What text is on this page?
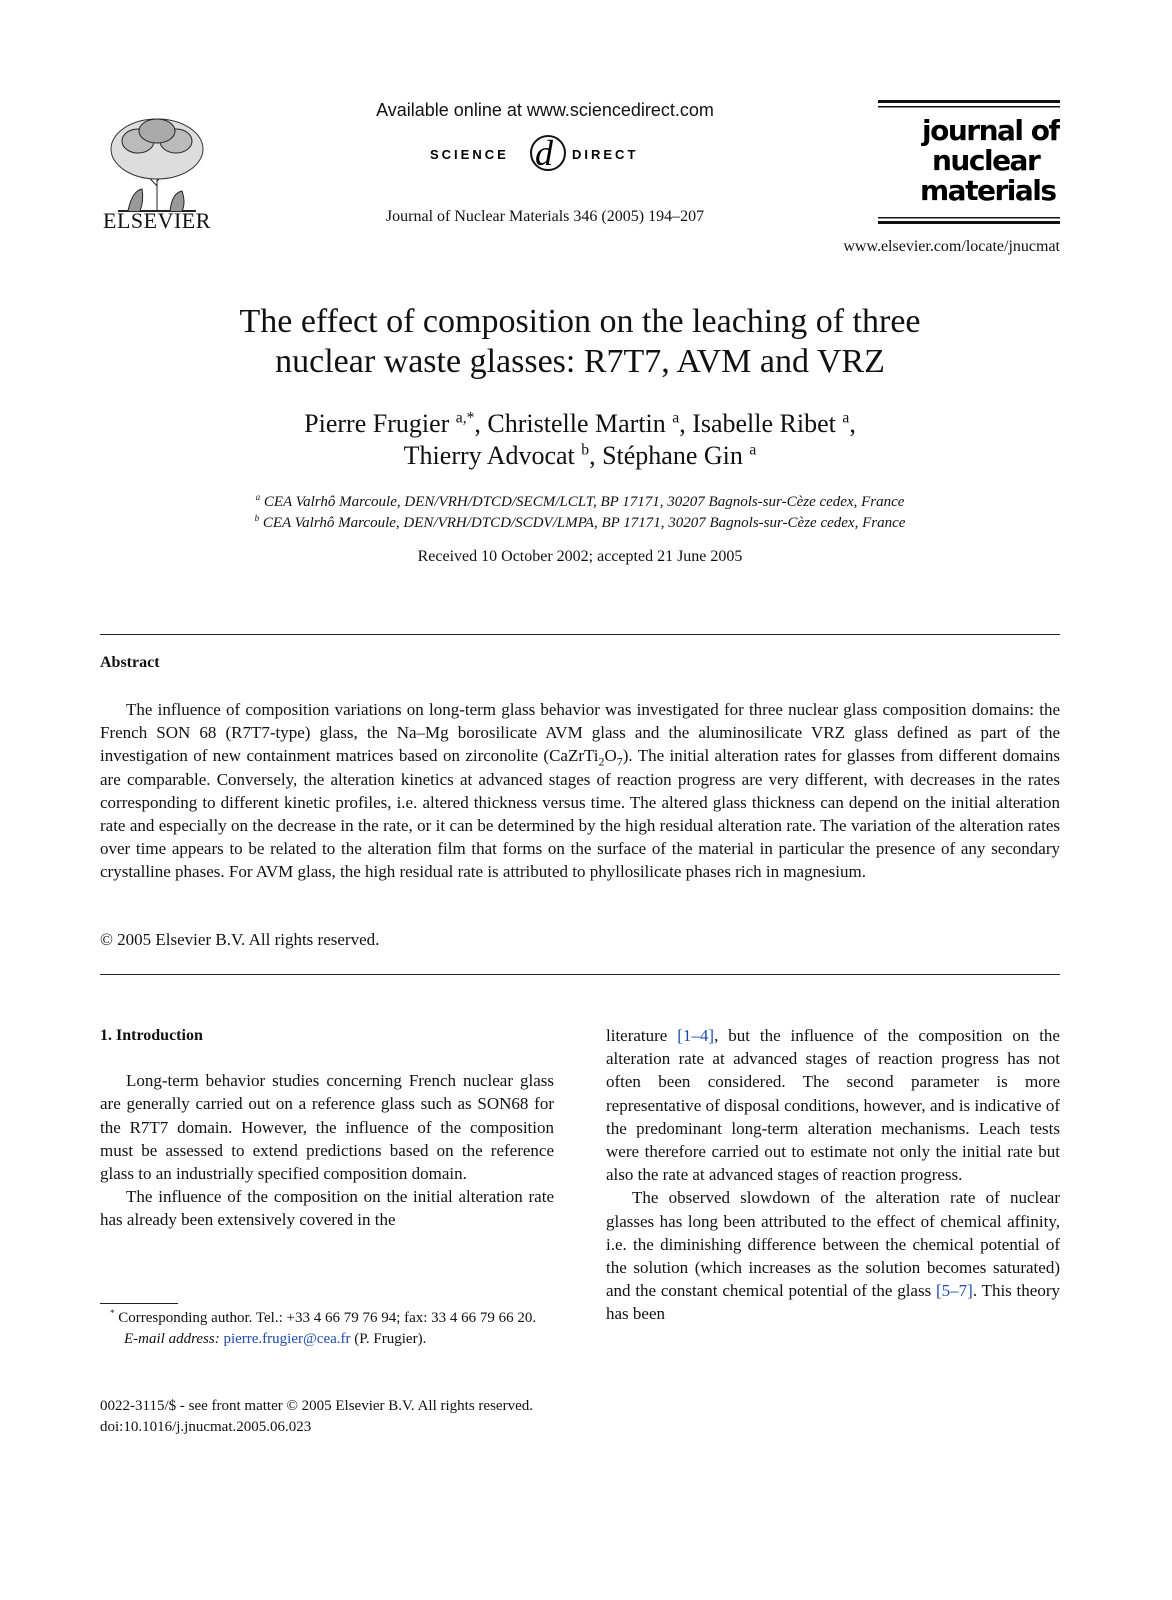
ELSEVIER
Available online at www.sciencedirect.com
SCIENCE d DIRECT
Journal of Nuclear Materials 346 (2005) 194–207
journal of
nuclear
materials
www.elsevier.com/locate/jnucmat
The effect of composition on the leaching of three
nuclear waste glasses: R7T7, AVM and VRZ
Pierre Frugier $^{a,*}$, Christelle Martin $^a$, Isabelle Ribet $^a$,
Thierry Advocat $^b$, Stéphane Gin $^a$
$^a$ CEA Valrhô Marcoule, DEN/VRH/DTCD/SECM/LCLT, BP 17171, 30207 Bagnols-sur-Cèze cedex, France
$^b$ CEA Valrhô Marcoule, DEN/VRH/DTCD/SCDV/LMPA, BP 17171, 30207 Bagnols-sur-Cèze cedex, France
Received 10 October 2002; accepted 21 June 2005
Abstract
The influence of composition variations on long-term glass behavior was investigated for three nuclear glass composition domains: the French SON 68 (R7T7-type) glass, the Na–Mg borosilicate AVM glass and the aluminosilicate VRZ glass defined as part of the investigation of new containment matrices based on zirconolite $(CaZrTi_2O_7)$. The initial alteration rates for glasses from different domains are comparable. Conversely, the alteration kinetics at advanced stages of reaction progress are very different, with decreases in the rates corresponding to different kinetic profiles, i.e. altered thickness versus time. The altered glass thickness can depend on the initial alteration rate and especially on the decrease in the rate, or it can be determined by the high residual alteration rate. The variation of the alteration rates over time appears to be related to the alteration film that forms on the surface of the material in particular the presence of any secondary crystalline phases. For AVM glass, the high residual rate is attributed to phyllosilicate phases rich in magnesium.
© 2005 Elsevier B.V. All rights reserved.
1. Introduction

Long-term behavior studies concerning French nuclear glass are generally carried out on a reference glass such as SON68 for the R7T7 domain. However, the influence of the composition must be assessed to extend predictions based on the reference glass to an industrially specified composition domain.

The influence of the composition on the initial alteration rate has already been extensively covered in the

literature [1–4], but the influence of the composition on the alteration rate at advanced stages of reaction progress has not often been considered. The second parameter is more representative of disposal conditions, however, and is indicative of the predominant long-term alteration mechanisms. Leach tests were therefore carried out to estimate not only the initial rate but also the rate at advanced stages of reaction progress.

The observed slowdown of the alteration rate of nuclear glasses has long been attributed to the effect of chemical affinity, i.e. the diminishing difference between the chemical potential of the solution (which increases as the solution becomes saturated) and the constant chemical potential of the glass [5–7]. This theory has been

* Corresponding author. Tel.: +33 4 66 79 76 94; fax: 33 4 66 79 66 20.
E-mail address: pierre.frugier@cea.fr (P. Frugier).
0022-3115/$ - see front matter © 2005 Elsevier B.V. All rights reserved.
doi:10.1016/j.jnucmat.2005.06.023
